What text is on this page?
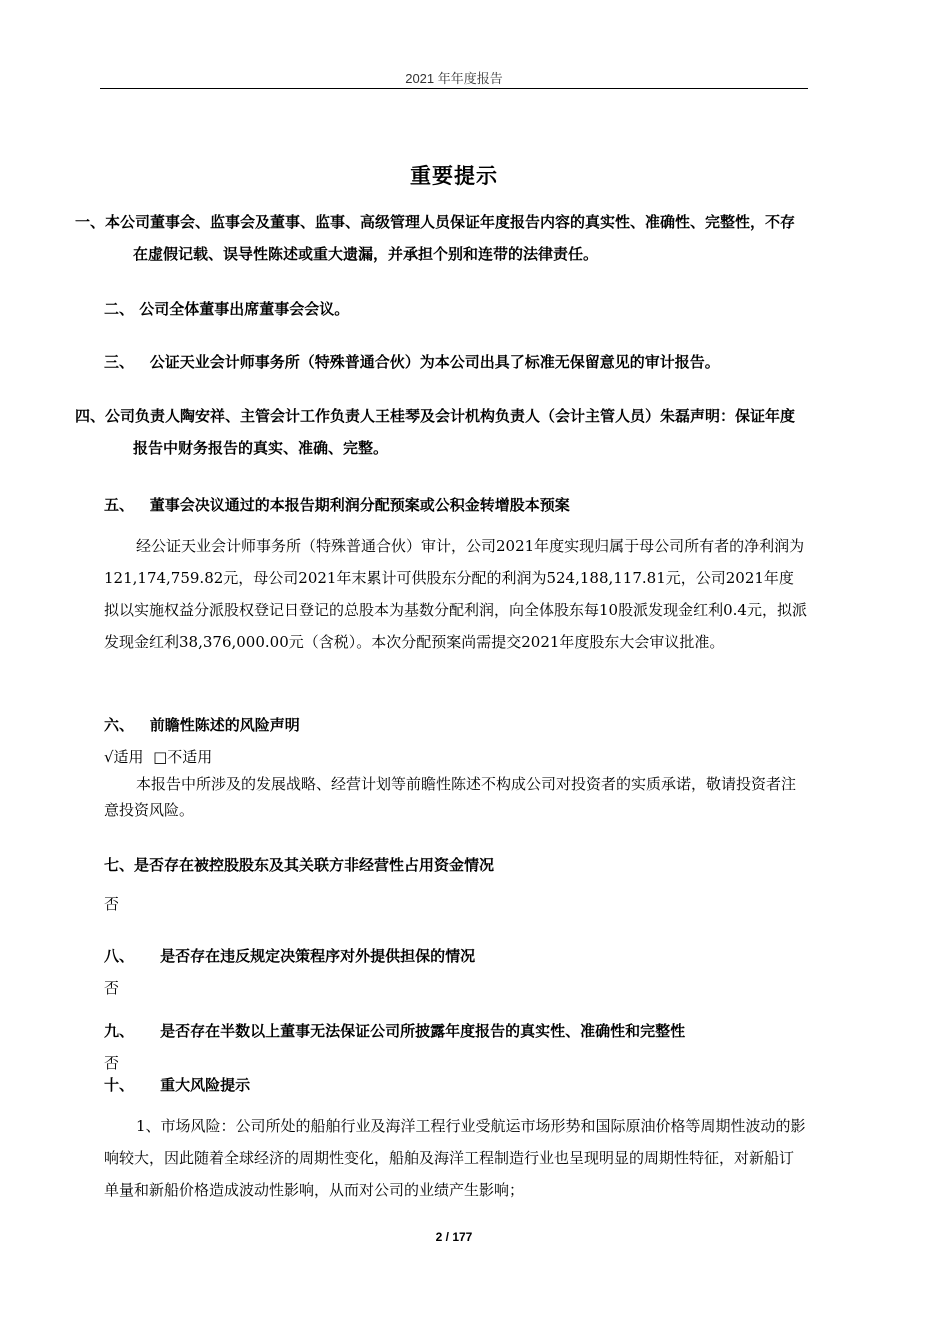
2021 年年度报告
重要提示
一、本公司董事会、监事会及董事、监事、高级管理人员保证年度报告内容的真实性、准确性、完整性，不存在虚假记载、误导性陈述或重大遗漏，并承担个别和连带的法律责任。
二、 公司全体董事出席董事会会议。
三、 公证天业会计师事务所（特殊普通合伙）为本公司出具了标准无保留意见的审计报告。
四、公司负责人陶安祥、主管会计工作负责人王桂琴及会计机构负责人（会计主管人员）朱磊声明：保证年度报告中财务报告的真实、准确、完整。
五、 董事会决议通过的本报告期利润分配预案或公积金转增股本预案
经公证天业会计师事务所（特殊普通合伙）审计，公司2021年度实现归属于母公司所有者的净利润为121,174,759.82元，母公司2021年末累计可供股东分配的利润为524,188,117.81元，公司2021年度拟以实施权益分派股权登记日登记的总股本为基数分配利润，向全体股东每10股派发现金红利0.4元，拟派发现金红利38,376,000.00元（含税）。本次分配预案尚需提交2021年度股东大会审议批准。
六、 前瞻性陈述的风险声明
√适用 □不适用
本报告中所涉及的发展战略、经营计划等前瞻性陈述不构成公司对投资者的实质承诺，敬请投资者注意投资风险。
七、是否存在被控股股东及其关联方非经营性占用资金情况
否
八、 是否存在违反规定决策程序对外提供担保的情况
否
九、 是否存在半数以上董事无法保证公司所披露年度报告的真实性、准确性和完整性
否
十、 重大风险提示
1、市场风险：公司所处的船舶行业及海洋工程行业受航运市场形势和国际原油价格等周期性波动的影响较大，因此随着全球经济的周期性变化，船舶及海洋工程制造行业也呈现明显的周期性特征，对新船订单量和新船价格造成波动性影响，从而对公司的业绩产生影响；
2 / 177
